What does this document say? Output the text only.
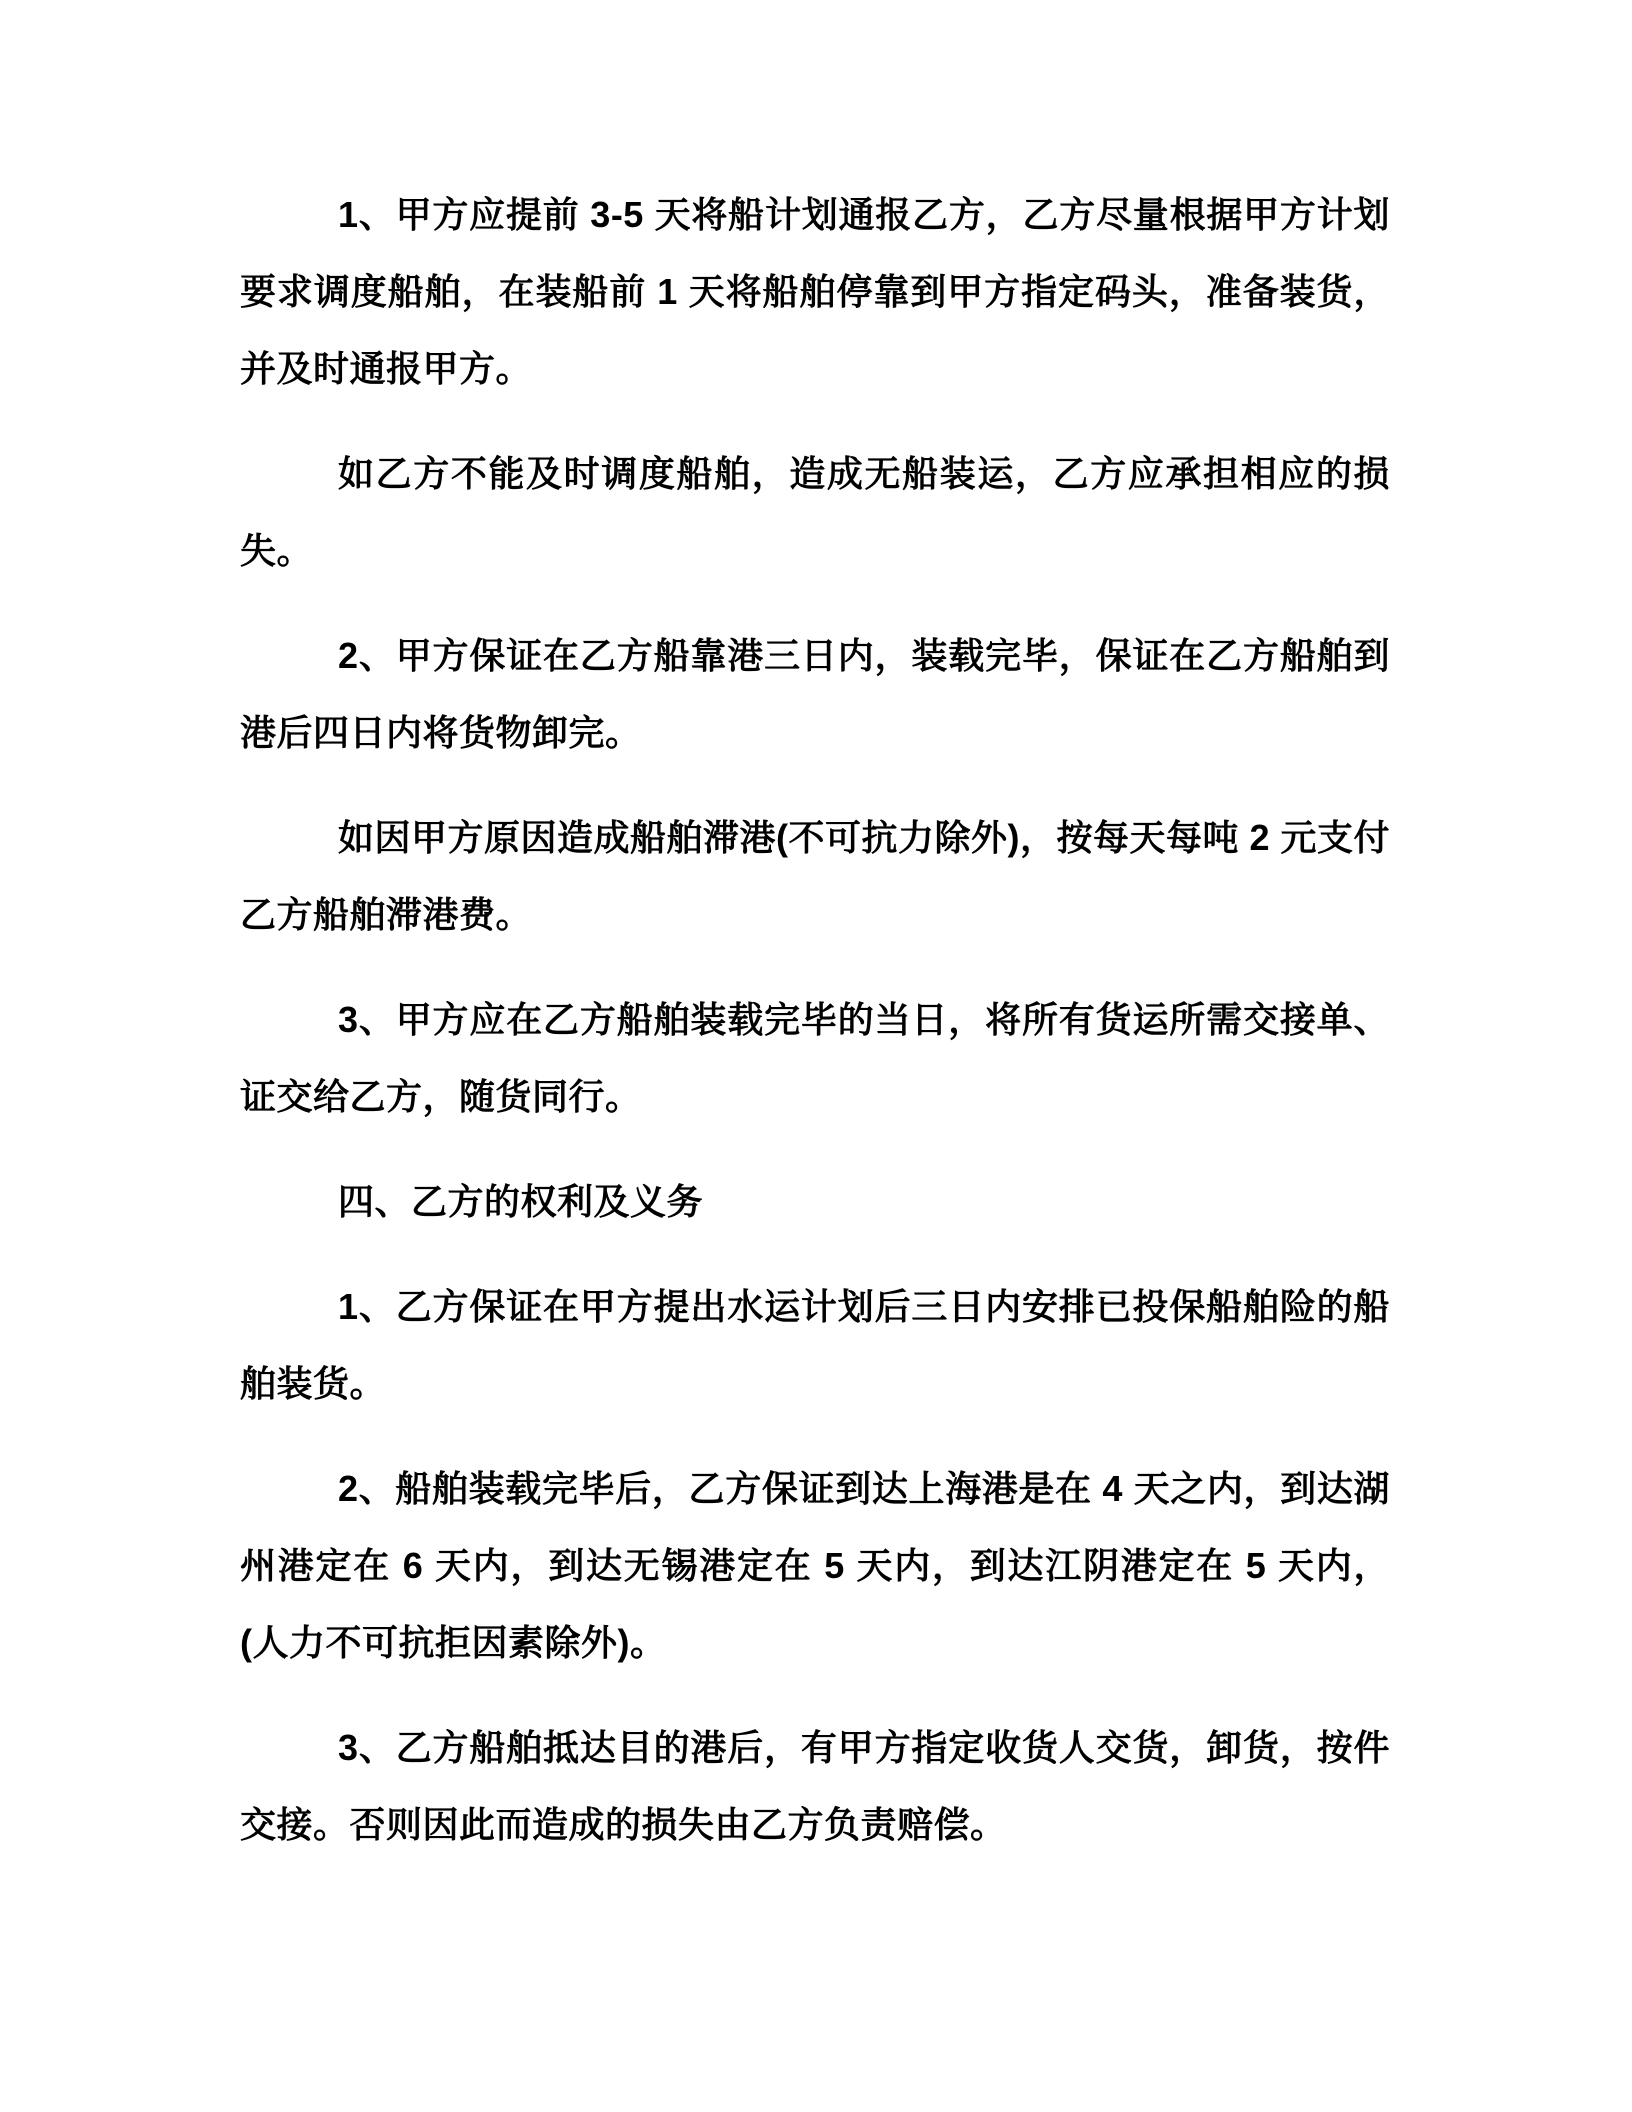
1、甲方应提前 3-5 天将船计划通报乙方，乙方尽量根据甲方计划要求调度船舶，在装船前 1 天将船舶停靠到甲方指定码头，准备装货，并及时通报甲方。

如乙方不能及时调度船舶，造成无船装运，乙方应承担相应的损失。

2、甲方保证在乙方船靠港三日内，装载完毕，保证在乙方船舶到港后四日内将货物卸完。

如因甲方原因造成船舶滞港(不可抗力除外)，按每天每吨 2 元支付乙方船舶滞港费。

3、甲方应在乙方船舶装载完毕的当日，将所有货运所需交接单、证交给乙方，随货同行。

四、乙方的权利及义务

1、乙方保证在甲方提出水运计划后三日内安排已投保船舶险的船舶装货。

2、船舶装载完毕后，乙方保证到达上海港是在 4 天之内，到达湖州港定在 6 天内，到达无锡港定在 5 天内，到达江阴港定在 5 天内，(人力不可抗拒因素除外)。

3、乙方船舶抵达目的港后，有甲方指定收货人交货，卸货，按件交接。否则因此而造成的损失由乙方负责赔偿。
